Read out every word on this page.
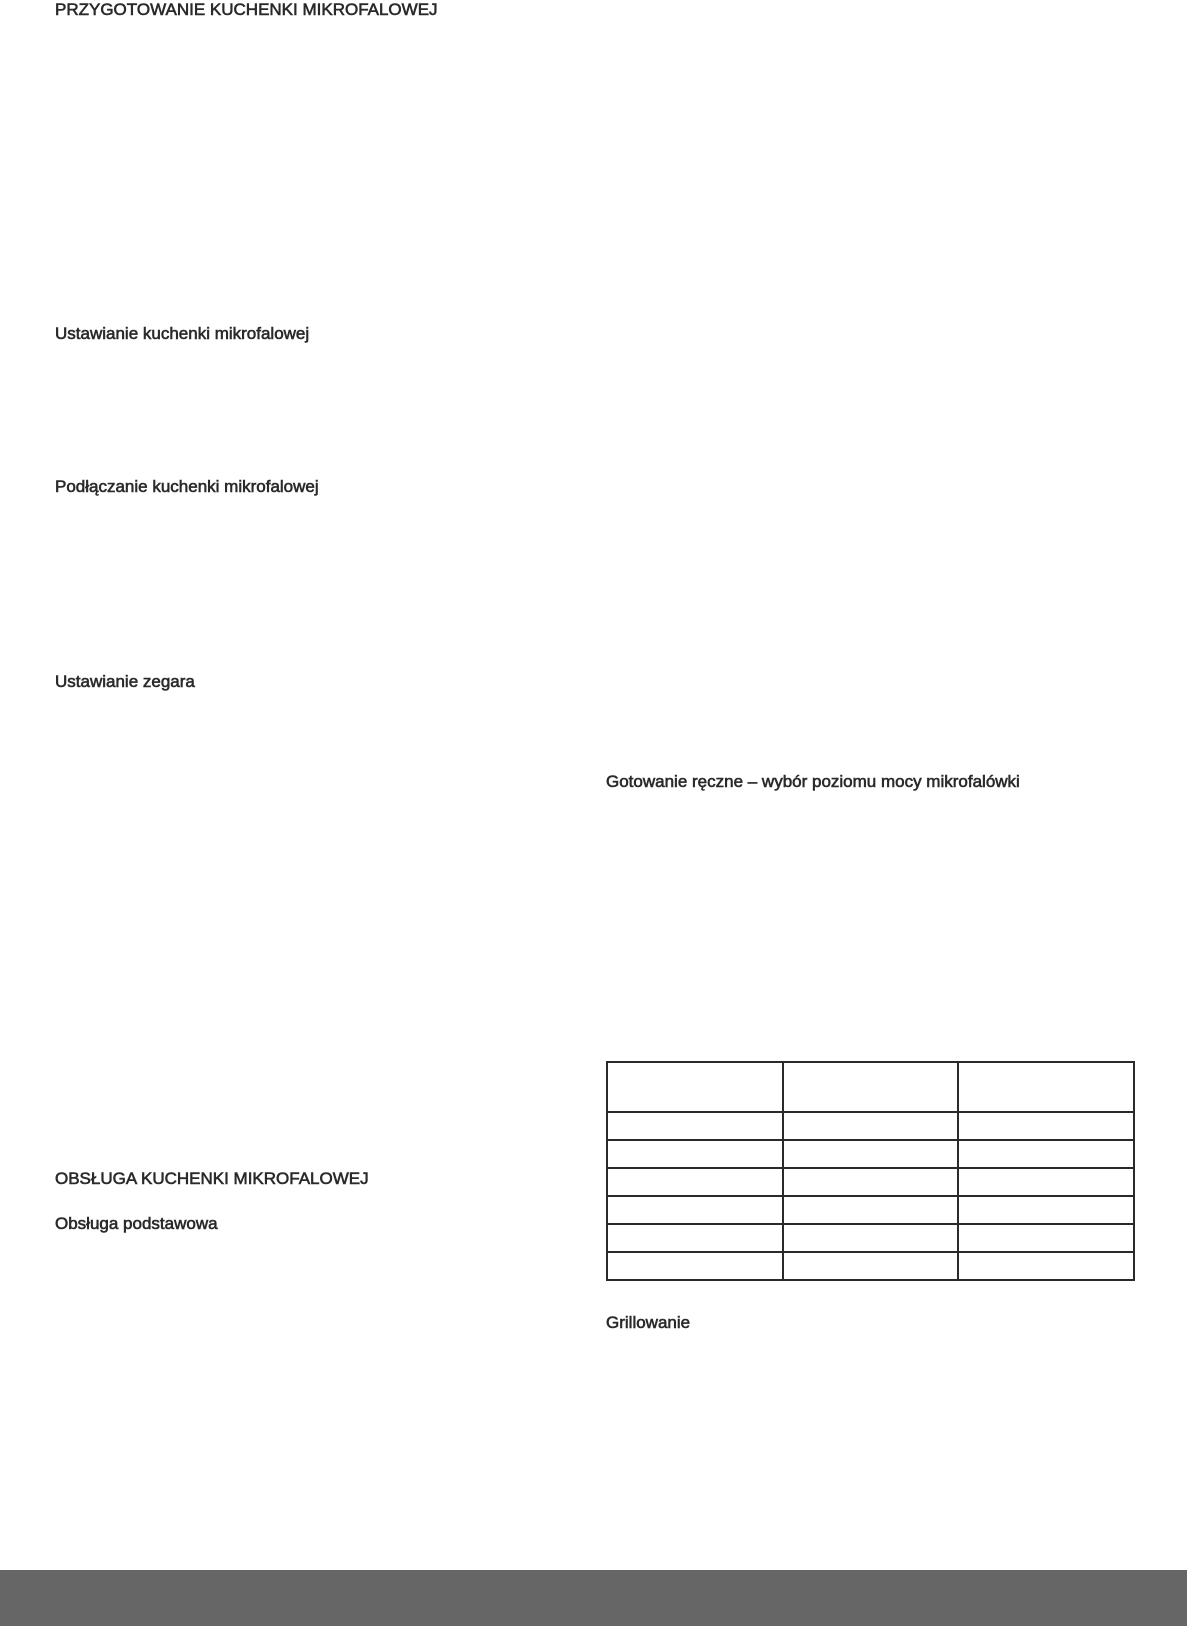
PRZYGOTOWANIE KUCHENKI MIKROFALOWEJ
Ustawianie kuchenki mikrofalowej
Podłączanie kuchenki mikrofalowej
Ustawianie zegara
OBSŁUGA KUCHENKI MIKROFALOWEJ
Obsługa podstawowa
Gotowanie ręczne – wybór poziomu mocy mikrofalówki

Grillowanie
